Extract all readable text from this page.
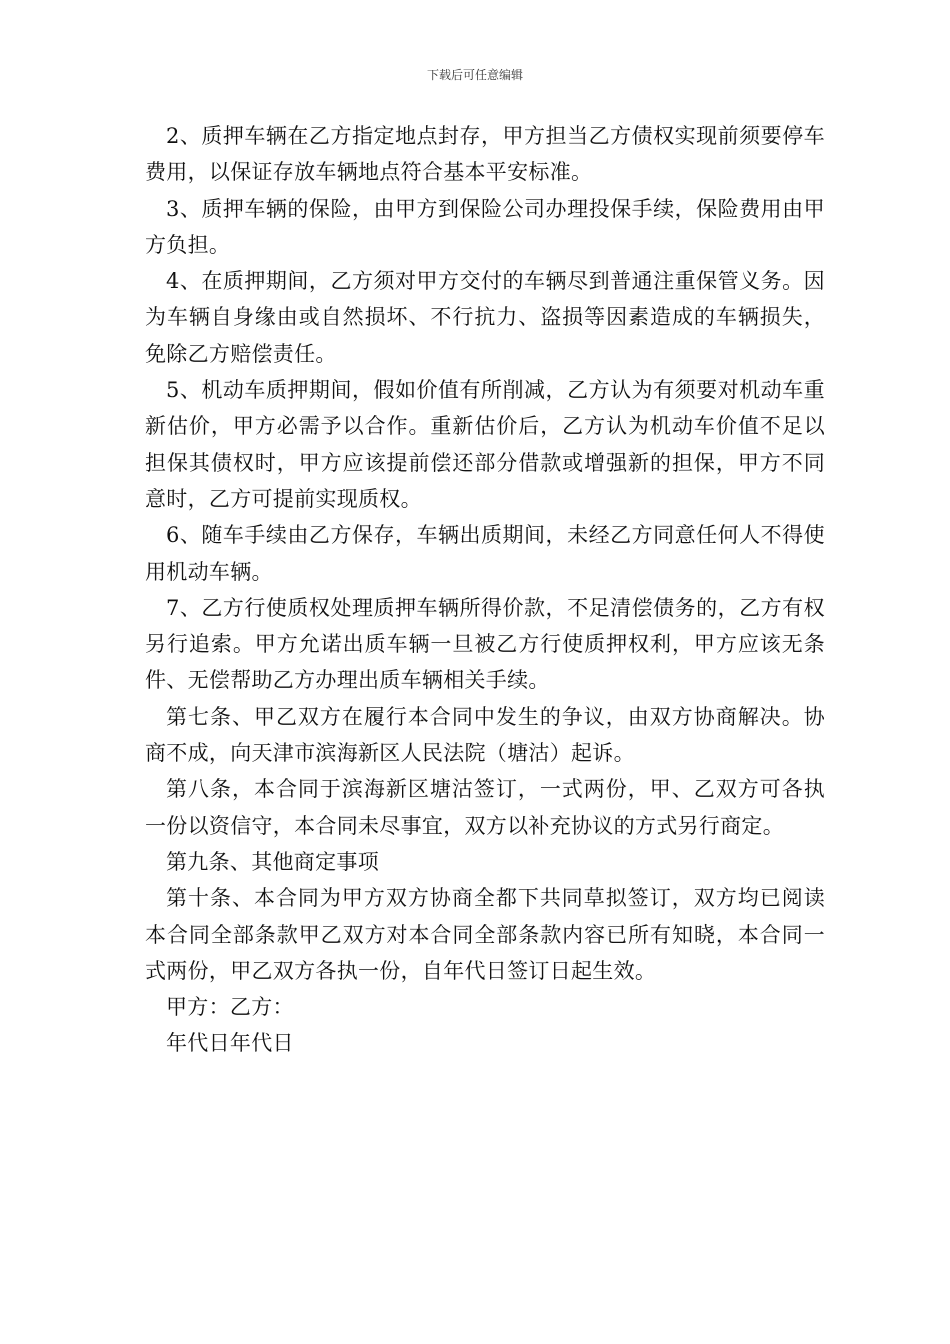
下载后可任意编辑

2、质押车辆在乙方指定地点封存，甲方担当乙方债权实现前须要停车费用，以保证存放车辆地点符合基本平安标准。

3、质押车辆的保险，由甲方到保险公司办理投保手续，保险费用由甲方负担。

4、在质押期间，乙方须对甲方交付的车辆尽到普通注重保管义务。因为车辆自身缘由或自然损坏、不行抗力、盗损等因素造成的车辆损失，免除乙方赔偿责任。

5、机动车质押期间，假如价值有所削减，乙方认为有须要对机动车重新估价，甲方必需予以合作。重新估价后，乙方认为机动车价值不足以担保其债权时，甲方应该提前偿还部分借款或增强新的担保，甲方不同意时，乙方可提前实现质权。

6、随车手续由乙方保存，车辆出质期间，未经乙方同意任何人不得使用机动车辆。

7、乙方行使质权处理质押车辆所得价款，不足清偿债务的，乙方有权另行追索。甲方允诺出质车辆一旦被乙方行使质押权利，甲方应该无条件、无偿帮助乙方办理出质车辆相关手续。

第七条、甲乙双方在履行本合同中发生的争议，由双方协商解决。协商不成，向天津市滨海新区人民法院（塘沽）起诉。

第八条，本合同于滨海新区塘沽签订，一式两份，甲、乙双方可各执一份以资信守，本合同未尽事宜，双方以补充协议的方式另行商定。

第九条、其他商定事项

第十条、本合同为甲方双方协商全都下共同草拟签订，双方均已阅读本合同全部条款甲乙双方对本合同全部条款内容已所有知晓，本合同一式两份，甲乙双方各执一份，自年代日签订日起生效。

甲方：乙方：

年代日年代日
